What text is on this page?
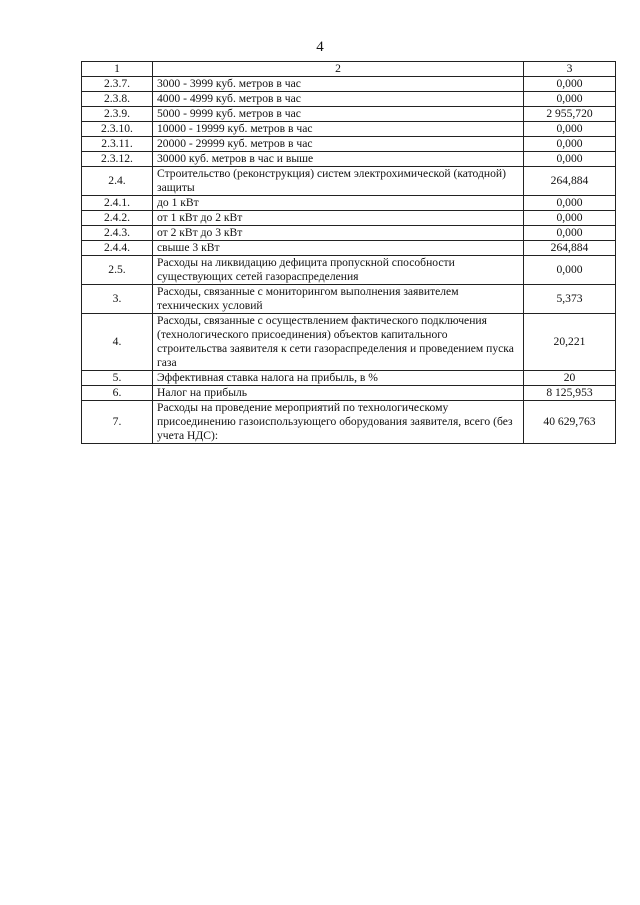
4
1	2	3
2.3.7.	3000 - 3999 куб. метров в час	0,000
2.3.8.	4000 - 4999 куб. метров в час	0,000
2.3.9.	5000 - 9999 куб. метров в час	2 955,720
2.3.10.	10000 - 19999 куб. метров в час	0,000
2.3.11.	20000 - 29999 куб. метров в час	0,000
2.3.12.	30000 куб. метров в час и выше	0,000
2.4.	Строительство (реконструкция) систем электрохимической (катодной) защиты	264,884
2.4.1.	до 1 кВт	0,000
2.4.2.	от 1 кВт до 2 кВт	0,000
2.4.3.	от 2 кВт до 3 кВт	0,000
2.4.4.	свыше 3 кВт	264,884
2.5.	Расходы на ликвидацию дефицита пропускной способности существующих сетей газораспределения	0,000
3.	Расходы, связанные с мониторингом выполнения заявителем технических условий	5,373
4.	Расходы, связанные с осуществлением фактического подключения (технологического присоединения) объектов капитального строительства заявителя к сети газораспределения и проведением пуска газа	20,221
5.	Эффективная ставка налога на прибыль, в %	20
6.	Налог на прибыль	8 125,953
7.	Расходы на проведение мероприятий по технологическому присоединению газоиспользующего оборудования заявителя, всего (без учета НДС):	40 629,763
